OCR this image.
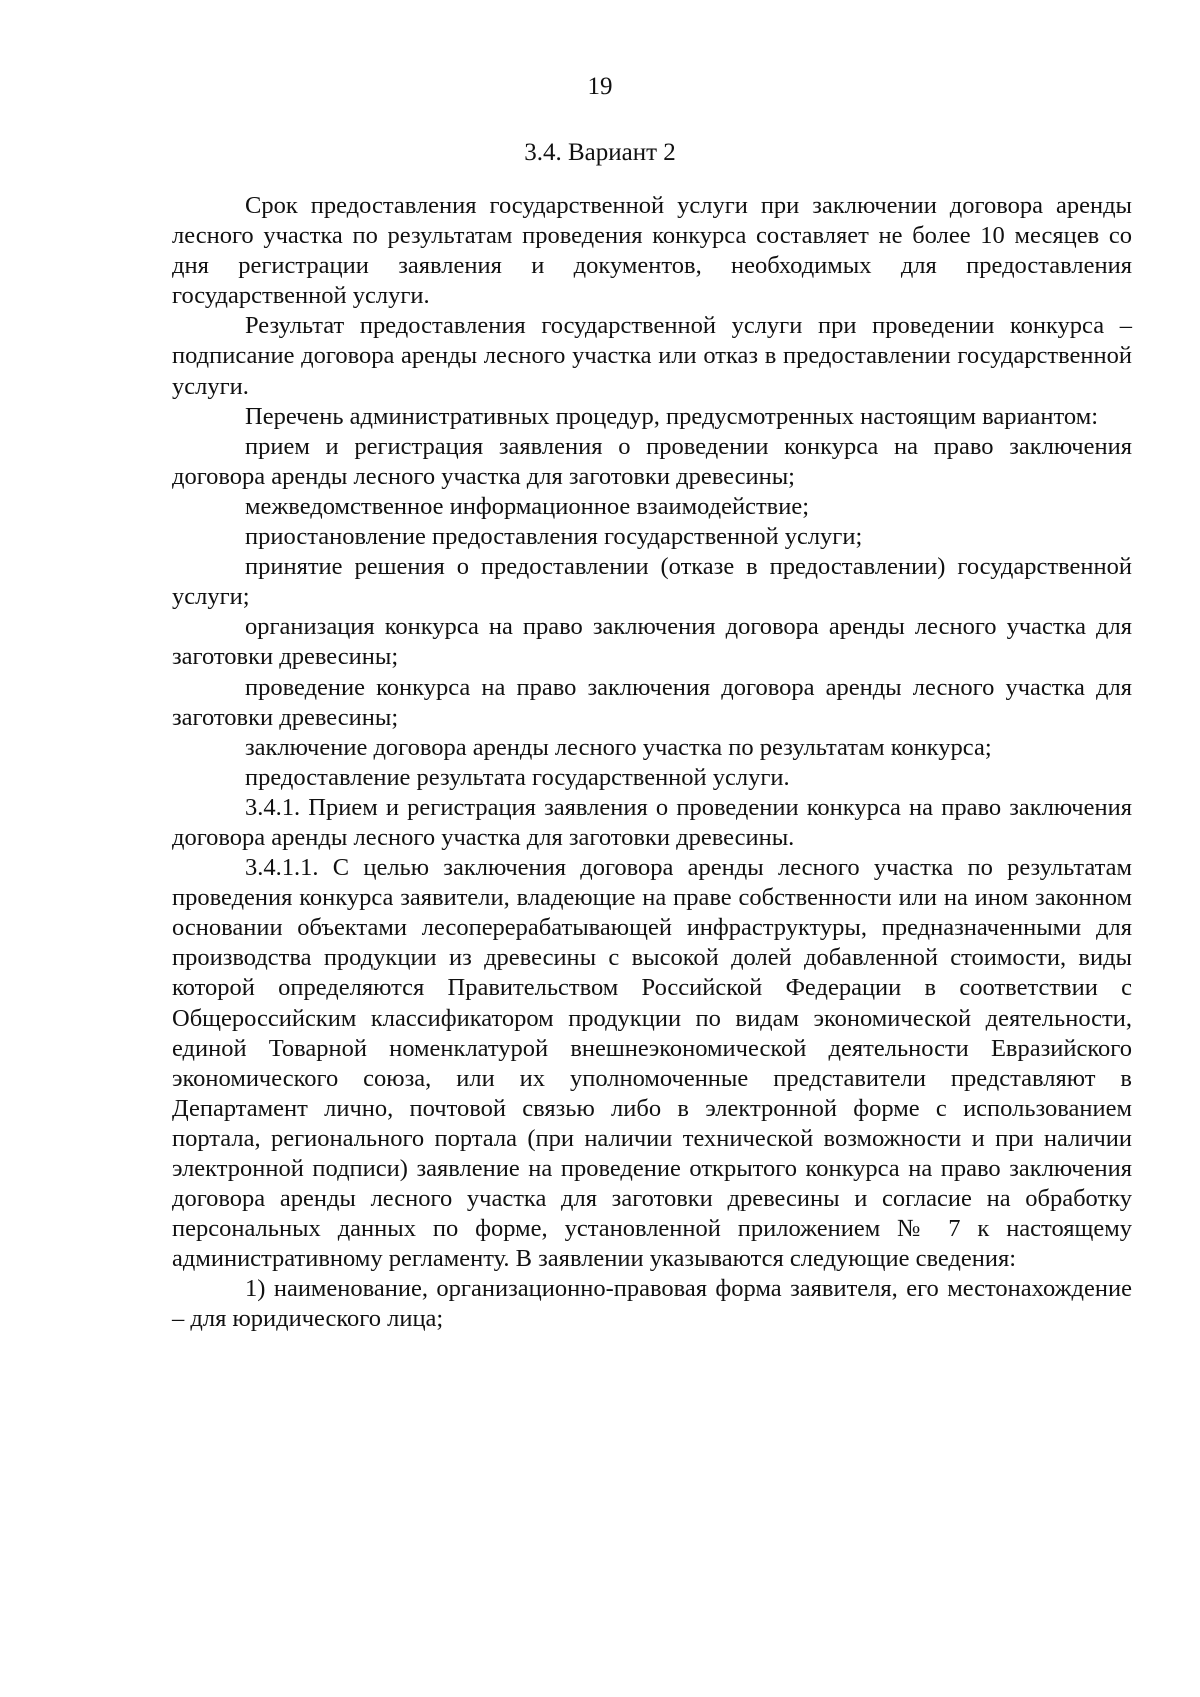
19
3.4. Вариант 2

Срок предоставления государственной услуги при заключении договора аренды лесного участка по результатам проведения конкурса составляет не более 10 месяцев со дня регистрации заявления и документов, необходимых для предоставления государственной услуги.

Результат предоставления государственной услуги при проведении конкурса – подписание договора аренды лесного участка или отказ в предоставлении государственной услуги.

Перечень административных процедур, предусмотренных настоящим вариантом:

прием и регистрация заявления о проведении конкурса на право заключения договора аренды лесного участка для заготовки древесины;

межведомственное информационное взаимодействие;

приостановление предоставления государственной услуги;

принятие решения о предоставлении (отказе в предоставлении) государственной услуги;

организация конкурса на право заключения договора аренды лесного участка для заготовки древесины;

проведение конкурса на право заключения договора аренды лесного участка для заготовки древесины;

заключение договора аренды лесного участка по результатам конкурса;

предоставление результата государственной услуги.

3.4.1. Прием и регистрация заявления о проведении конкурса на право заключения договора аренды лесного участка для заготовки древесины.

3.4.1.1. С целью заключения договора аренды лесного участка по результатам проведения конкурса заявители, владеющие на праве собственности или на ином законном основании объектами лесоперерабатывающей инфраструктуры, предназначенными для производства продукции из древесины с высокой долей добавленной стоимости, виды которой определяются Правительством Российской Федерации в соответствии с Общероссийским классификатором продукции по видам экономической деятельности, единой Товарной номенклатурой внешнеэкономической деятельности Евразийского экономического союза, или их уполномоченные представители представляют в Департамент лично, почтовой связью либо в электронной форме с использованием портала, регионального портала (при наличии технической возможности и при наличии электронной подписи) заявление на проведение открытого конкурса на право заключения договора аренды лесного участка для заготовки древесины и согласие на обработку персональных данных по форме, установленной приложением № 7 к настоящему административному регламенту. В заявлении указываются следующие сведения:

1) наименование, организационно-правовая форма заявителя, его местонахождение – для юридического лица;
